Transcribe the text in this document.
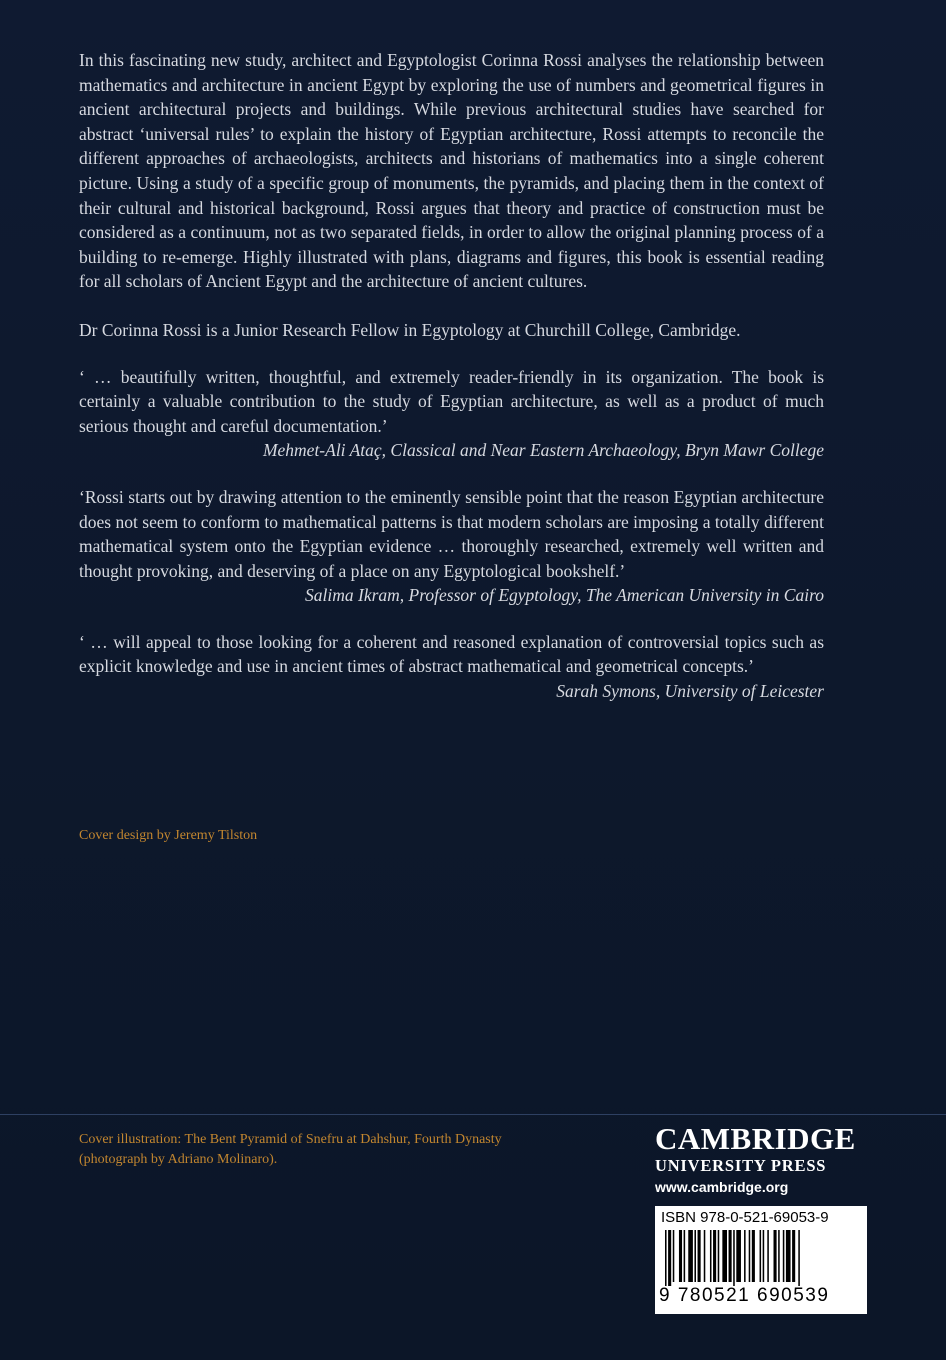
In this fascinating new study, architect and Egyptologist Corinna Rossi analyses the relationship between mathematics and architecture in ancient Egypt by exploring the use of numbers and geometrical figures in ancient architectural projects and buildings. While previous architectural studies have searched for abstract ‘universal rules’ to explain the history of Egyptian architecture, Rossi attempts to reconcile the different approaches of archaeologists, architects and historians of mathematics into a single coherent picture. Using a study of a specific group of monuments, the pyramids, and placing them in the context of their cultural and historical background, Rossi argues that theory and practice of construction must be considered as a continuum, not as two separated fields, in order to allow the original planning process of a building to re-emerge. Highly illustrated with plans, diagrams and figures, this book is essential reading for all scholars of Ancient Egypt and the architecture of ancient cultures.

Dr Corinna Rossi is a Junior Research Fellow in Egyptology at Churchill College, Cambridge.

‘ … beautifully written, thoughtful, and extremely reader-friendly in its organization. The book is certainly a valuable contribution to the study of Egyptian architecture, as well as a product of much serious thought and careful documentation.’

Mehmet-Ali Ataç, Classical and Near Eastern Archaeology, Bryn Mawr College

‘Rossi starts out by drawing attention to the eminently sensible point that the reason Egyptian architecture does not seem to conform to mathematical patterns is that modern scholars are imposing a totally different mathematical system onto the Egyptian evidence … thoroughly researched, extremely well written and thought provoking, and deserving of a place on any Egyptological bookshelf.’

Salima Ikram, Professor of Egyptology, The American University in Cairo

‘ … will appeal to those looking for a coherent and reasoned explanation of controversial topics such as explicit knowledge and use in ancient times of abstract mathematical and geometrical concepts.’

Sarah Symons, University of Leicester

Cover design by Jeremy Tilston
Cover illustration: The Bent Pyramid of Snefru at Dahshur, Fourth Dynasty (photograph by Adriano Molinaro).
CAMBRIDGE
UNIVERSITY PRESS
www.cambridge.org
ISBN 978-0-521-69053-9
9 780521 690539
